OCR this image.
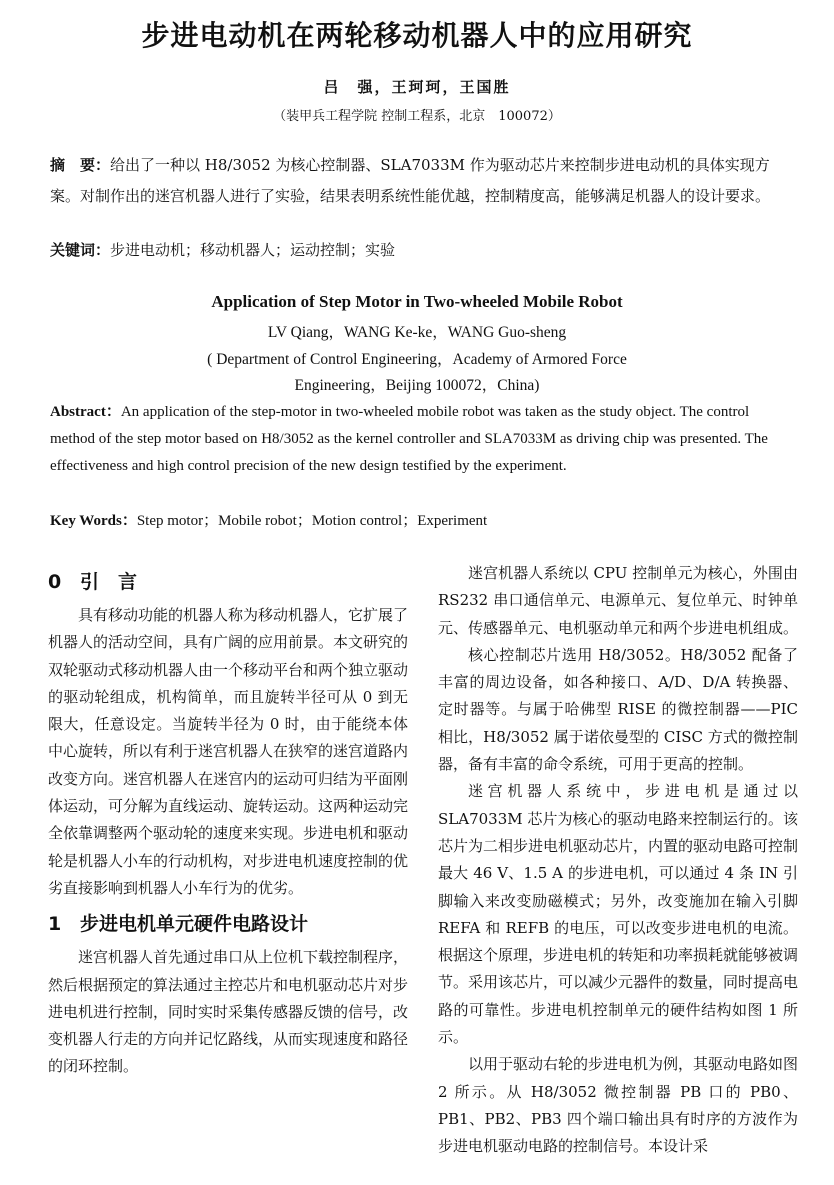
步进电动机在两轮移动机器人中的应用研究
吕　强，王珂珂，王国胜
（装甲兵工程学院 控制工程系，北京　100072）
摘　要：给出了一种以 H8/3052 为核心控制器、SLA7033M 作为驱动芯片来控制步进电动机的具体实现方案。对制作出的迷宫机器人进行了实验，结果表明系统性能优越，控制精度高，能够满足机器人的设计要求。
关键词：步进电动机；移动机器人；运动控制；实验
Application of Step Motor in Two-wheeled Mobile Robot
LV Qiang，WANG Ke-ke，WANG Guo-sheng
( Department of Control Engineering，Academy of Armored Force
Engineering，Beijing 100072，China)
Abstract：An application of the step-motor in two-wheeled mobile robot was taken as the study object. The control method of the step motor based on H8/3052 as the kernel controller and SLA7033M as driving chip was presented. The effectiveness and high control precision of the new design testified by the experiment.
Key Words：Step motor；Mobile robot；Motion control；Experiment
0 引　言

具有移动功能的机器人称为移动机器人，它扩展了机器人的活动空间，具有广阔的应用前景。本文研究的双轮驱动式移动机器人由一个移动平台和两个独立驱动的驱动轮组成，机构简单，而且旋转半径可从 0 到无限大，任意设定。当旋转半径为 0 时，由于能绕本体中心旋转，所以有利于迷宫机器人在狭窄的迷宫道路内改变方向。迷宫机器人在迷宫内的运动可归结为平面刚体运动，可分解为直线运动、旋转运动。这两种运动完全依靠调整两个驱动轮的速度来实现。步进电机和驱动轮是机器人小车的行动机构，对步进电机速度控制的优劣直接影响到机器人小车行为的优劣。

1 步进电机单元硬件电路设计

迷宫机器人首先通过串口从上位机下载控制程序，然后根据预定的算法通过主控芯片和电机驱动芯片对步进电机进行控制，同时实时采集传感器反馈的信号，改变机器人行走的方向并记忆路线，从而实现速度和路径的闭环控制。

迷宫机器人系统以 CPU 控制单元为核心，外围由 RS232 串口通信单元、电源单元、复位单元、时钟单元、传感器单元、电机驱动单元和两个步进电机组成。

核心控制芯片选用 H8/3052。H8/3052 配备了丰富的周边设备，如各种接口、A/D、D/A 转换器、定时器等。与属于哈佛型 RISE 的微控制器——PIC 相比，H8/3052 属于诺依曼型的 CISC 方式的微控制器，备有丰富的命令系统，可用于更高的控制。

迷宫机器人系统中，步进电机是通过以 SLA7033M 芯片为核心的驱动电路来控制运行的。该芯片为二相步进电机驱动芯片，内置的驱动电路可控制最大 46 V、1.5 A 的步进电机，可以通过 4 条 IN 引脚输入来改变励磁模式；另外，改变施加在输入引脚 REFA 和 REFB 的电压，可以改变步进电机的电流。根据这个原理，步进电机的转矩和功率损耗就能够被调节。采用该芯片，可以减少元器件的数量，同时提高电路的可靠性。步进电机控制单元的硬件结构如图 1 所示。

以用于驱动右轮的步进电机为例，其驱动电路如图 2 所示。从 H8/3052 微控制器 PB 口的 PB0、PB1、PB2、PB3 四个端口输出具有时序的方波作为步进电机驱动电路的控制信号。本设计采
